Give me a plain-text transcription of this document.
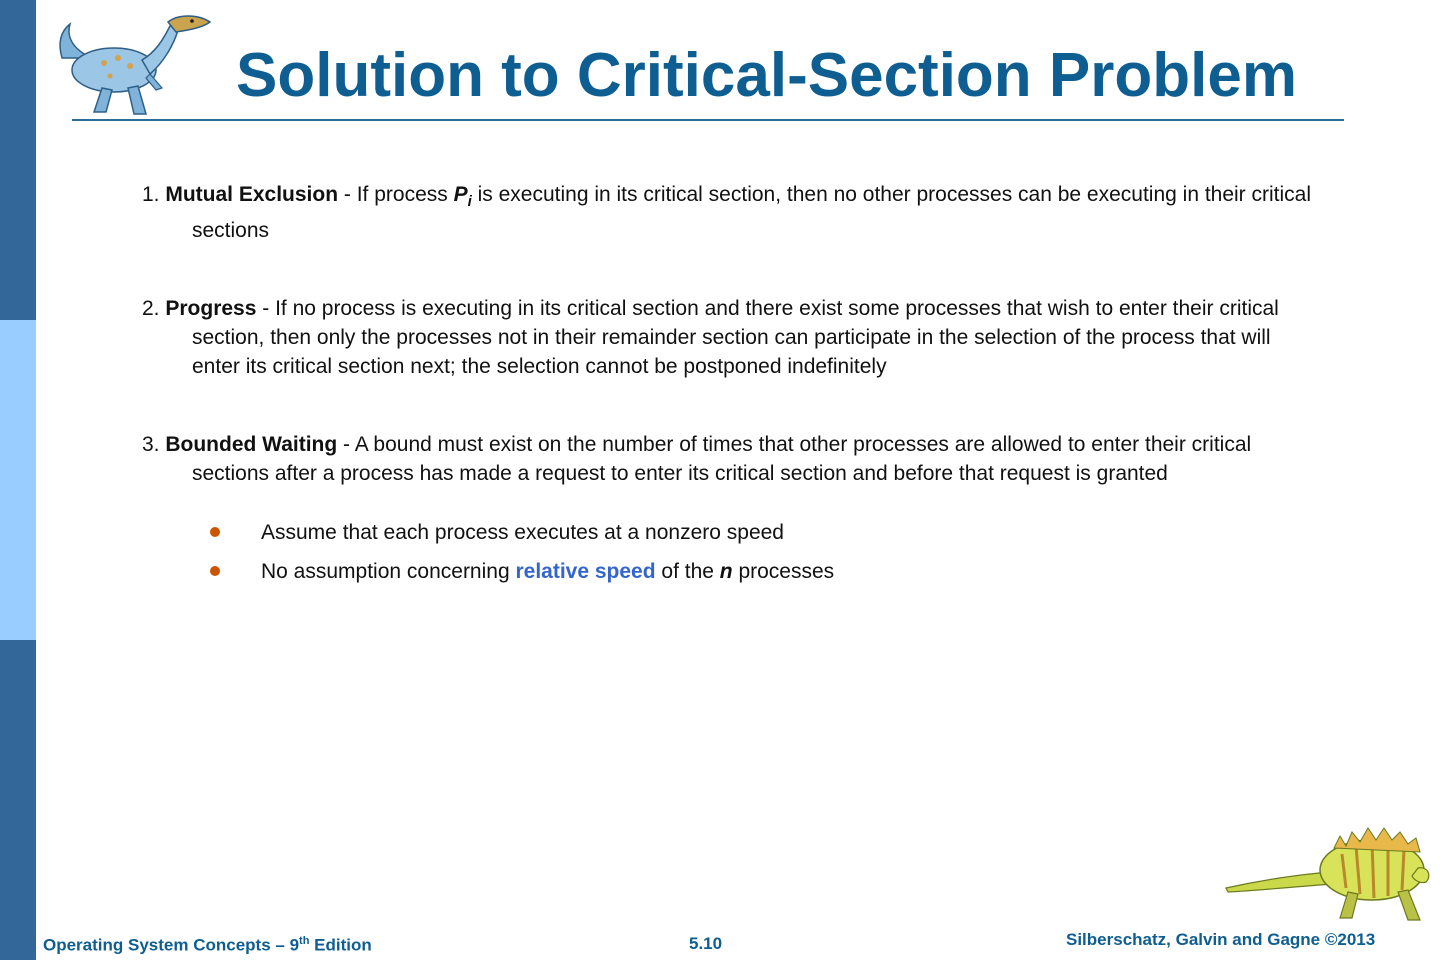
Solution to Critical-Section Problem
1. Mutual Exclusion - If process $P_i$ is executing in its critical section, then no other processes can be executing in their critical sections
2. Progress - If no process is executing in its critical section and there exist some processes that wish to enter their critical section, then only the processes not in their remainder section can participate in the selection of the process that will enter its critical section next; the selection cannot be postponed indefinitely
3. Bounded Waiting - A bound must exist on the number of times that other processes are allowed to enter their critical sections after a process has made a request to enter its critical section and before that request is granted
Assume that each process executes at a nonzero speed
No assumption concerning relative speed of the n processes
Operating System Concepts – 9th Edition	5.10	Silberschatz, Galvin and Gagne ©2013
